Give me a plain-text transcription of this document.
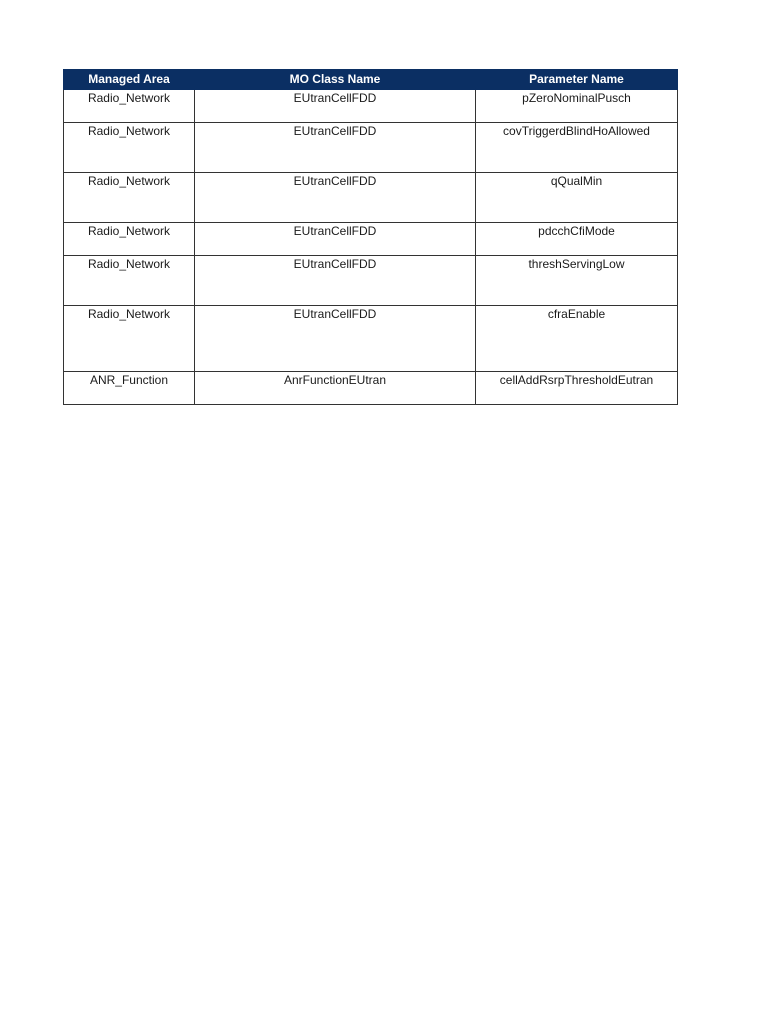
Managed Area	MO Class Name	Parameter Name
Radio_Network	EUtranCellFDD	pZeroNominalPusch
Radio_Network	EUtranCellFDD	covTriggerdBlindHoAllowed
Radio_Network	EUtranCellFDD	qQualMin
Radio_Network	EUtranCellFDD	pdcchCfiMode
Radio_Network	EUtranCellFDD	threshServingLow
Radio_Network	EUtranCellFDD	cfraEnable
ANR_Function	AnrFunctionEUtran	cellAddRsrpThresholdEutran
